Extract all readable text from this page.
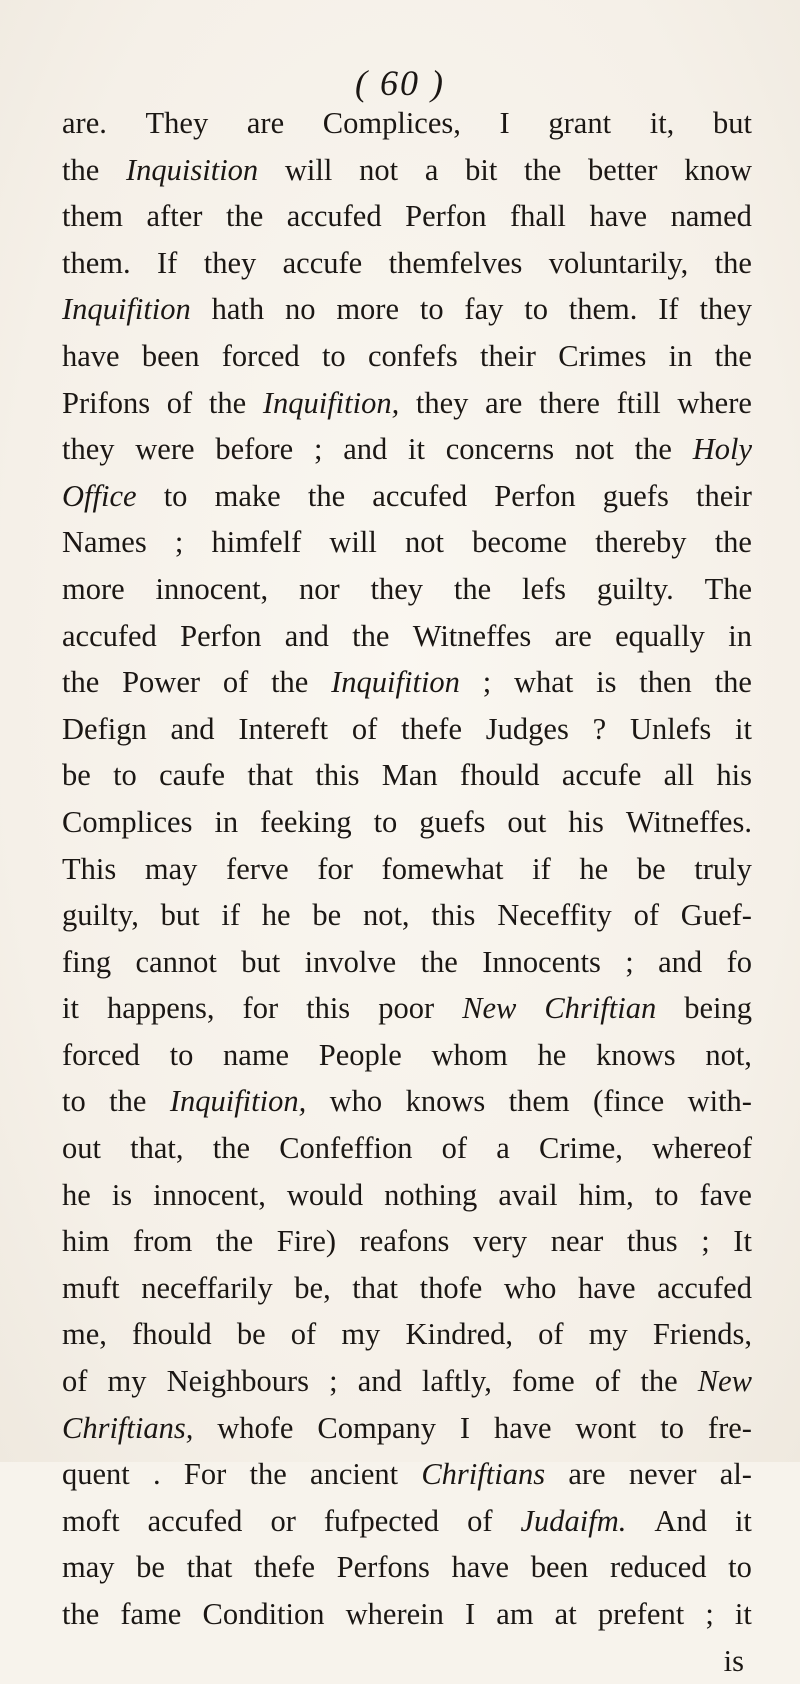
( 60 )
are. They are Complices, I grant it, but
the Inquisition will not a bit the better know
them after the accufed Perfon fhall have named
them. If they accufe themfelves voluntarily, the
Inquifition hath no more to fay to them. If they
have been forced to confefs their Crimes in the
Prifons of the Inquifition, they are there ftill where
they were before ; and it concerns not the Holy
Office to make the accufed Perfon guefs their
Names ; himfelf will not become thereby the
more innocent, nor they the lefs guilty. The
accufed Perfon and the Witneffes are equally in
the Power of the Inquifition ; what is then the
Defign and Intereft of thefe Judges ? Unlefs it
be to caufe that this Man fhould accufe all his
Complices in feeking to guefs out his Witneffes.
This may ferve for fomewhat if he be truly
guilty, but if he be not, this Neceffity of Guef-
fing cannot but involve the Innocents ; and fo
it happens, for this poor New Chriftian being
forced to name People whom he knows not,
to the Inquifition, who knows them (fince with-
out that, the Confeffion of a Crime, whereof
he is innocent, would nothing avail him, to fave
him from the Fire) reafons very near thus ; It
muft neceffarily be, that thofe who have accufed
me, fhould be of my Kindred, of my Friends,
of my Neighbours ; and laftly, fome of the New
Chriftians, whofe Company I have wont to fre-
quent . For the ancient Chriftians are never al-
moft accufed or fufpected of Judaifm. And it
may be that thefe Perfons have been reduced to
the fame Condition wherein I am at prefent ; it
is
